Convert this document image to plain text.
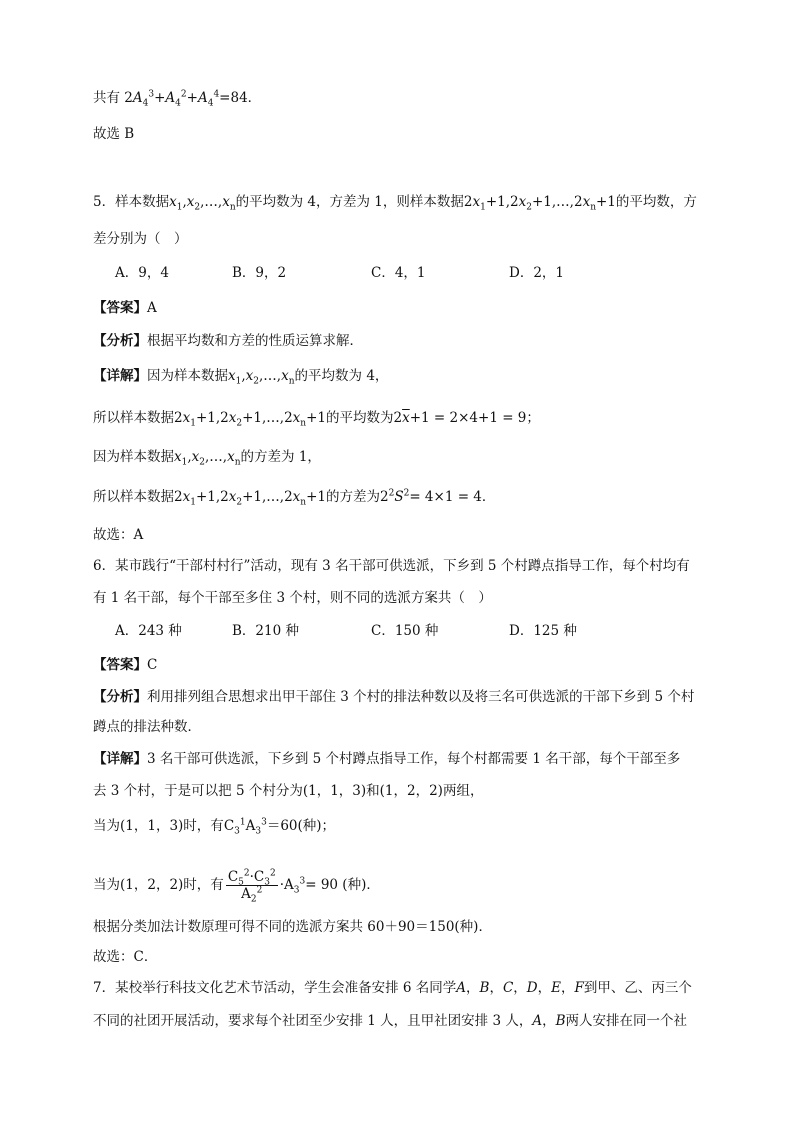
共有 $2A_4^3+A_4^2+A_4^4=84$．
故选 B
5．样本数据$x_1,x_2,\dots,x_n$的平均数为 4，方差为 1，则样本数据$2x_1+1,2x_2+1,\dots,2x_n+1$的平均数，方
差分别为（　）
A．9，4	B．9，2	C．4，1	D．2，1
【答案】A
【分析】根据平均数和方差的性质运算求解．
【详解】因为样本数据$x_1,x_2,\dots,x_n$的平均数为 4，
所以样本数据$2x_1+1,2x_2+1,\dots,2x_n+1$的平均数为$2\overline{x}+1 = 2\times 4+1 = 9$；
因为样本数据$x_1,x_2,\dots,x_n$的方差为 1，
所以样本数据$2x_1+1,2x_2+1,\dots,2x_n+1$的方差为$2^2S^2= 4\times 1 = 4$．
故选：A
6．某市践行“干部村村行”活动，现有 3 名干部可供选派，下乡到 5 个村蹲点指导工作，每个村均有
有 1 名干部，每个干部至多住 3 个村，则不同的选派方案共（　）
A．243 种	B．210 种	C．150 种	D．125 种
【答案】C
【分析】利用排列组合思想求出甲干部住 3 个村的排法种数以及将三名可供选派的干部下乡到 5 个村
蹲点的排法种数．
【详解】3 名干部可供选派，下乡到 5 个村蹲点指导工作，每个村都需要 1 名干部，每个干部至多
去 3 个村，于是可以把 5 个村分为(1，1，3)和(1，2，2)两组，
当为(1，1，3)时，有$C_3^1A_3^3=60$(种)；
当为(1，2，2)时，有 $\frac{C_5^2\cdot C_3^2}{A_2^2} \cdot A_3^3= 90$ (种)．
根据分类加法计数原理可得不同的选派方案共 60＋90＝150(种)．
故选：C．
7．某校举行科技文化艺术节活动，学生会准备安排 6 名同学A，B，C，D，E，F到甲、乙、丙三个
不同的社团开展活动，要求每个社团至少安排 1 人，且甲社团安排 3 人，A，B两人安排在同一个社
